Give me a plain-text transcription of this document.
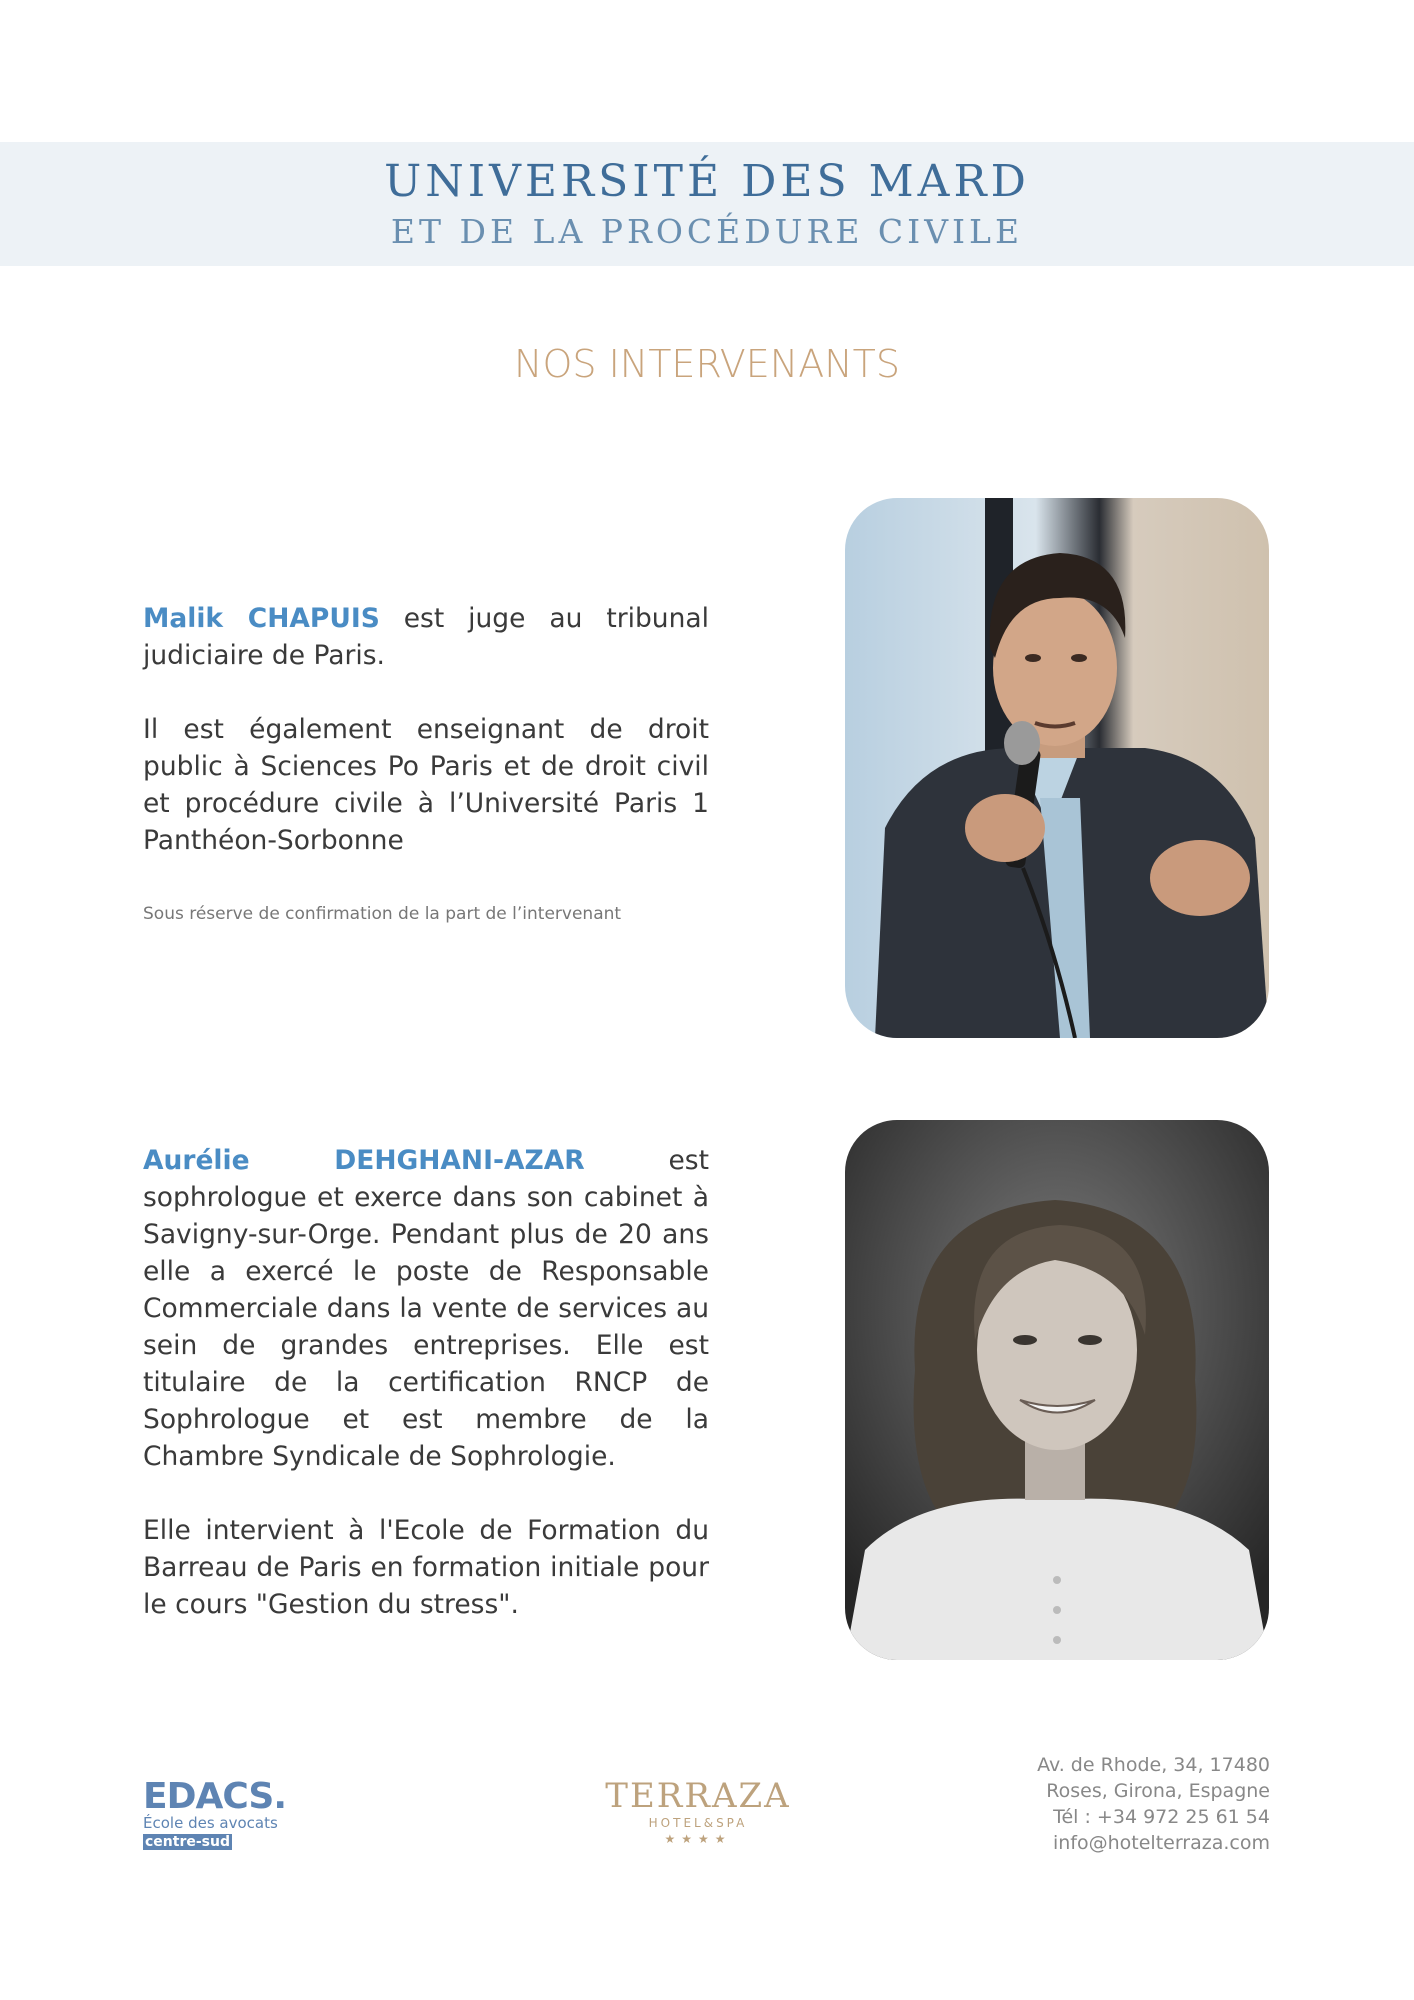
UNIVERSITÉ DES MARD
ET DE LA PROCÉDURE CIVILE
NOS INTERVENANTS

Malik CHAPUIS est juge au tribunal judiciaire de Paris.

Il est également enseignant de droit public à Sciences Po Paris et de droit civil et procédure civile à l’Université Paris 1 Panthéon-Sorbonne

Sous réserve de confirmation de la part de l’intervenant

Aurélie DEHGHANI-AZAR est sophrologue et exerce dans son cabinet à Savigny-sur-Orge. Pendant plus de 20 ans elle a exercé le poste de Responsable Commerciale dans la vente de services au sein de grandes entreprises. Elle est titulaire de la certification RNCP de Sophrologue et est membre de la Chambre Syndicale de Sophrologie.

Elle intervient à l'Ecole de Formation du Barreau de Paris en formation initiale pour le cours "Gestion du stress".

EDACS.
École des avocats
centre-sud
TERRAZA
HOTEL&SPA
★★★★
Av. de Rhode, 34, 17480
Roses, Girona, Espagne
Tél : +34 972 25 61 54
info@hotelterraza.com
